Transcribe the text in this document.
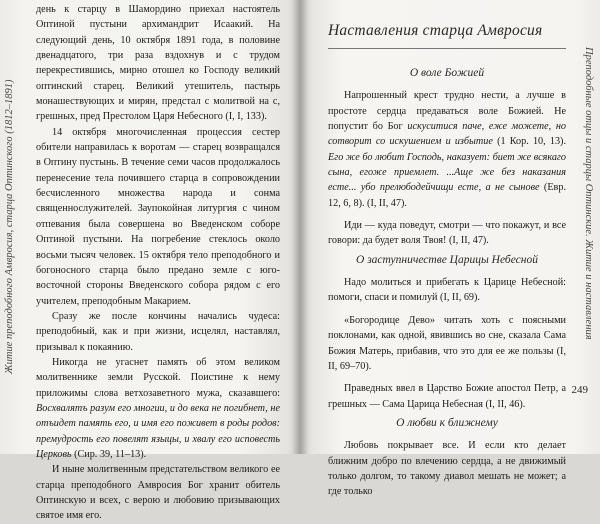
Житие преподобного Амвросия, старца Оптинского (1812–1891)

день к старцу в Шамордино приехал настоятель Оптиной пустыни архимандрит Исаакий. На следующий день, 10 октября 1891 года, в половине двенадцатого, три раза вздохнув и с трудом перекрестившись, мирно отошел ко Господу великий оптинский старец. Великий утешитель, пастырь монашествующих и мирян, предстал с молитвой на с, грешных, пред Престолом Царя Небесного (I, I, 133).

14 октября многочисленная процессия сестер обители направилась к воротам — старец возвращался в Оптину пустынь. В течение семи часов продолжалось перенесение тела почившего старца в сопровождении бесчисленного множества народа и сонма священнослужителей. Заупокойная литургия с чином отпевания была совершена во Введенском соборе Оптиной пустыни. На погребение стеклось около восьми тысяч человек. 15 октября тело преподобного и богоносного старца было предано земле с юго-восточной стороны Введенского собора рядом с его учителем, преподобным Макарием.

Сразу же после кончины начались чудеса: преподобный, как и при жизни, исцелял, наставлял, призывал к покаянию.

Никогда не угаснет память об этом великом молитвеннике земли Русской. Поистине к нему приложимы слова ветхозаветного мужа, сказавшего: Восхвалятъ разум его многии, и до века не погибнет, не отъидет память его, и имя его поживет в роды родов: премудрость его повелят языцы, и хвалу его исповесть Церковь (Сир. 39, 11–13).

И ныне молитвенным предстательством великого ее старца преподобного Амвросия Бог хранит обитель Оптинскую и всех, с верою и любовию призывающих святое имя его.

Наставления старца Амвросия
О воле Божией

Напрошенный крест трудно нести, а лучше в простоте сердца предаваться воле Божией. Не попустит бо Бог искуситися паче, еже можете, но сотворит со искушением и избытие (1 Кор. 10, 13). Его же бо любит Господь, наказует: биет же всякаго сына, егоже приемлет. ...Аще же без наказания есте... убо прелюбодейчищи есте, а не сынове (Евр. 12, 6, 8). (I, II, 47).

Иди — куда поведут, смотри — что покажут, и все говори: да будет воля Твоя! (I, II, 47).

О заступничестве Царицы Небесной

Надо молиться и прибегать к Царице Небесной: помоги, спаси и помилуй (I, II, 69).

«Богородице Дево» читать хоть с поясными поклонами, как одной, явившись во сне, сказала Сама Божия Матерь, прибавив, что это для ее же пользы (I, II, 69–70).

Праведных ввел в Царство Божие апостол Петр, а грешных — Сама Царица Небесная (I, II, 46).

О любви к ближнему

Любовь покрывает все. И если кто делает ближним добро по влечению сердца, а не движимый только долгом, то такому диавол мешать не может; а где только

Преподобные отцы и старцы Оптинские. Житие и наставления
249
